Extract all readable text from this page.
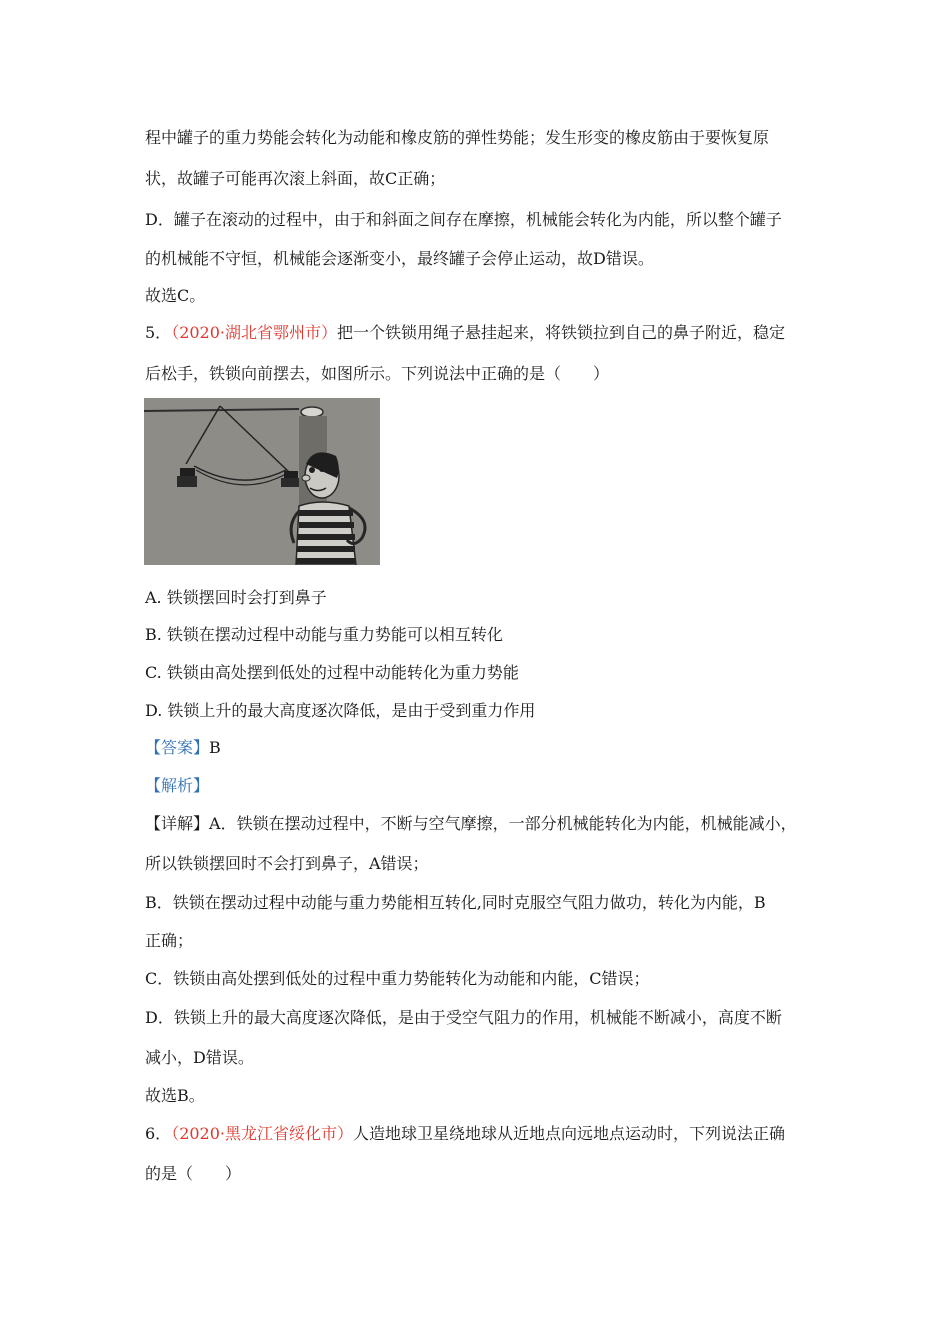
程中罐子的重力势能会转化为动能和橡皮筋的弹性势能；发生形变的橡皮筋由于要恢复原
状，故罐子可能再次滚上斜面，故C正确；
D．罐子在滚动的过程中，由于和斜面之间存在摩擦，机械能会转化为内能，所以整个罐子
的机械能不守恒，机械能会逐渐变小，最终罐子会停止运动，故D错误。
故选C。
5．（2020·湖北省鄂州市）把一个铁锁用绳子悬挂起来，将铁锁拉到自己的鼻子附近，稳定
后松手，铁锁向前摆去，如图所示。下列说法中正确的是（　　）
A. 铁锁摆回时会打到鼻子
B. 铁锁在摆动过程中动能与重力势能可以相互转化
C. 铁锁由高处摆到低处的过程中动能转化为重力势能
D. 铁锁上升的最大高度逐次降低，是由于受到重力作用
【答案】B
【解析】
【详解】A．铁锁在摆动过程中，不断与空气摩擦，一部分机械能转化为内能，机械能减小，
所以铁锁摆回时不会打到鼻子，A错误；
B．铁锁在摆动过程中动能与重力势能相互转化,同时克服空气阻力做功，转化为内能，B
正确；
C．铁锁由高处摆到低处的过程中重力势能转化为动能和内能，C错误；
D．铁锁上升的最大高度逐次降低，是由于受空气阻力的作用，机械能不断减小，高度不断
减小，D错误。
故选B。
6．（2020·黑龙江省绥化市）人造地球卫星绕地球从近地点向远地点运动时，下列说法正确
的是（　　）
